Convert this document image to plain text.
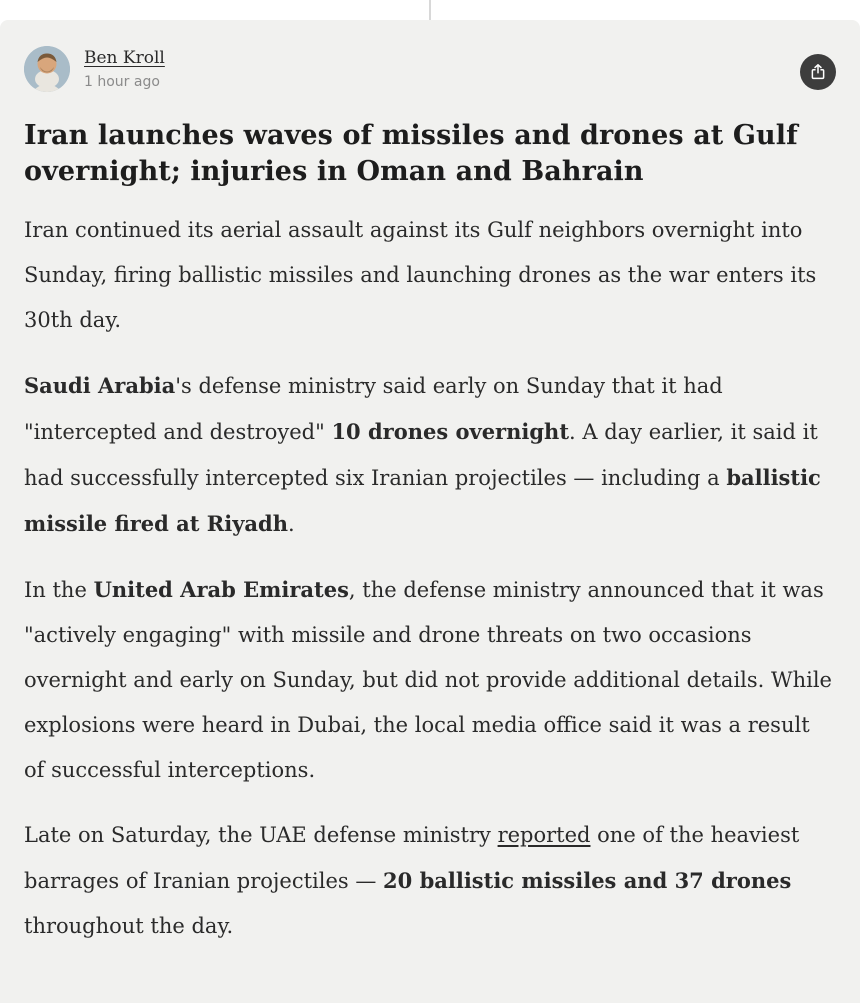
Ben Kroll
1 hour ago
Iran launches waves of missiles and drones at Gulf overnight; injuries in Oman and Bahrain

Iran continued its aerial assault against its Gulf neighbors overnight into Sunday, firing ballistic missiles and launching drones as the war enters its 30th day.

Saudi Arabia's defense ministry said early on Sunday that it had "intercepted and destroyed" 10 drones overnight. A day earlier, it said it had successfully intercepted six Iranian projectiles — including a ballistic missile fired at Riyadh.

In the United Arab Emirates, the defense ministry announced that it was "actively engaging" with missile and drone threats on two occasions overnight and early on Sunday, but did not provide additional details. While explosions were heard in Dubai, the local media office said it was a result of successful interceptions.

Late on Saturday, the UAE defense ministry reported one of the heaviest barrages of Iranian projectiles — 20 ballistic missiles and 37 drones throughout the day.
